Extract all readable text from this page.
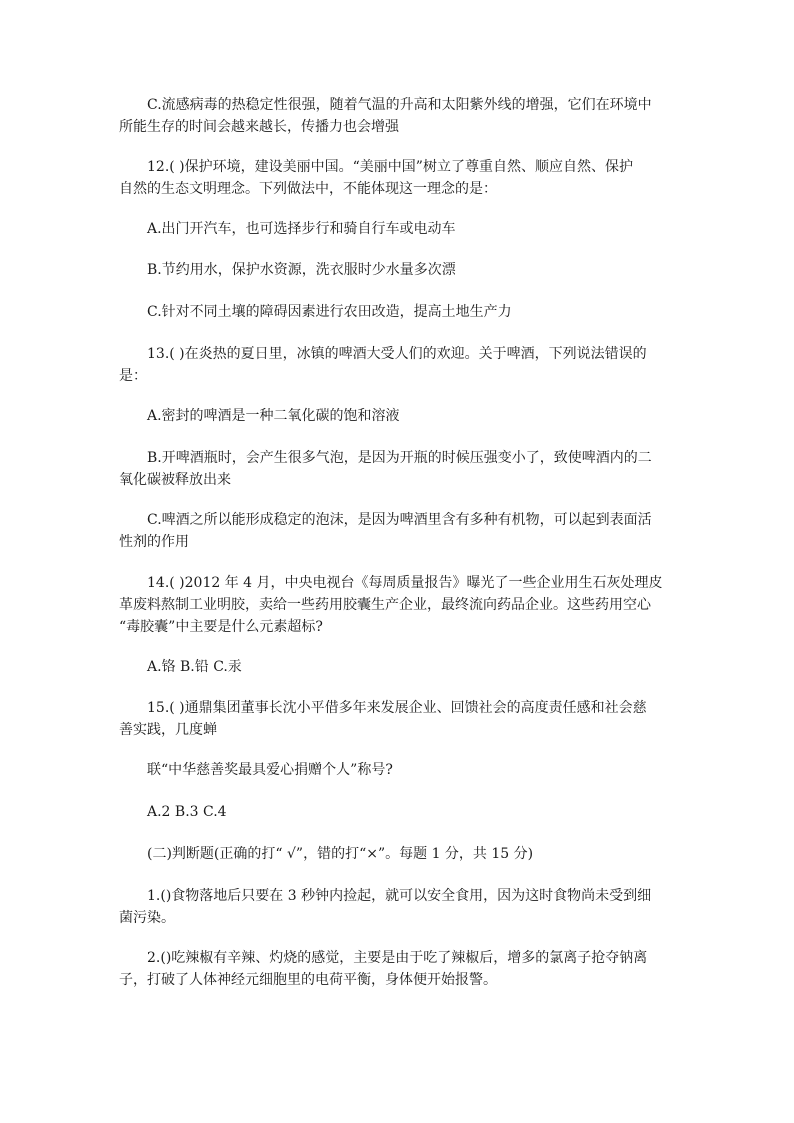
C.流感病毒的热稳定性很强，随着气温的升高和太阳紫外线的增强，它们在环境中
所能生存的时间会越来越长，传播力也会增强

12.( )保护环境，建设美丽中国。“美丽中国”树立了尊重自然、顺应自然、保护
自然的生态文明理念。下列做法中，不能体现这一理念的是：

A.出门开汽车，也可选择步行和骑自行车或电动车

B.节约用水，保护水资源，洗衣服时少水量多次漂

C.针对不同土壤的障碍因素进行农田改造，提高土地生产力

13.( )在炎热的夏日里，冰镇的啤酒大受人们的欢迎。关于啤酒，下列说法错误的
是：

A.密封的啤酒是一种二氧化碳的饱和溶液

B.开啤酒瓶时，会产生很多气泡，是因为开瓶的时候压强变小了，致使啤酒内的二
氧化碳被释放出来

C.啤酒之所以能形成稳定的泡沫，是因为啤酒里含有多种有机物，可以起到表面活
性剂的作用

14.( )2012 年 4 月，中央电视台《每周质量报告》曝光了一些企业用生石灰处理皮
革废料熬制工业明胶，卖给一些药用胶囊生产企业，最终流向药品企业。这些药用空心
“毒胶囊”中主要是什么元素超标?

A.铬 B.铅 C.汞

15.( )通鼎集团董事长沈小平借多年来发展企业、回馈社会的高度责任感和社会慈
善实践，几度蝉

联“中华慈善奖最具爱心捐赠个人”称号?

A.2 B.3 C.4

(二)判断题(正确的打“ √”，错的打“×”。每题 1 分，共 15 分)

1.()食物落地后只要在 3 秒钟内捡起，就可以安全食用，因为这时食物尚未受到细
菌污染。

2.()吃辣椒有辛辣、灼烧的感觉，主要是由于吃了辣椒后，增多的氯离子抢夺钠离
子，打破了人体神经元细胞里的电荷平衡，身体便开始报警。
